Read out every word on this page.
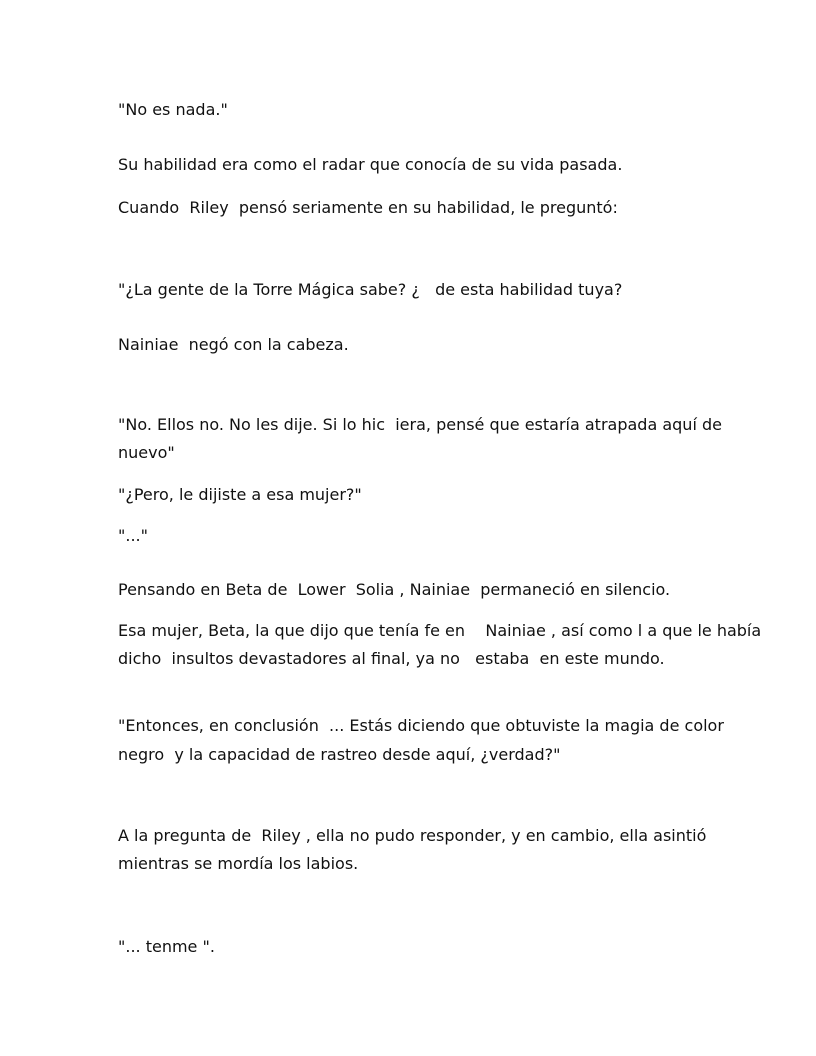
"No es nada."
Su habilidad era como el radar que conocía de su vida pasada.
Cuando  Riley  pensó seriamente en su habilidad, le preguntó:
"¿La gente de la Torre Mágica sabe? ¿   de esta habilidad tuya?
Nainiae  negó con la cabeza.
"No. Ellos no. No les dije. Si lo hic  iera, pensé que estaría atrapada aquí de
nuevo"
"¿Pero, le dijiste a esa mujer?"
"..."
Pensando en Beta de  Lower  Solia , Nainiae  permaneció en silencio.
Esa mujer, Beta, la que dijo que tenía fe en    Nainiae , así como l a que le había
dicho  insultos devastadores al final, ya no   estaba  en este mundo.
"Entonces, en conclusión  ... Estás diciendo que obtuviste la magia de color
negro  y la capacidad de rastreo desde aquí, ¿verdad?"
A la pregunta de  Riley , ella no pudo responder, y en cambio, ella asintió
mientras se mordía los labios.
"... tenme ".
